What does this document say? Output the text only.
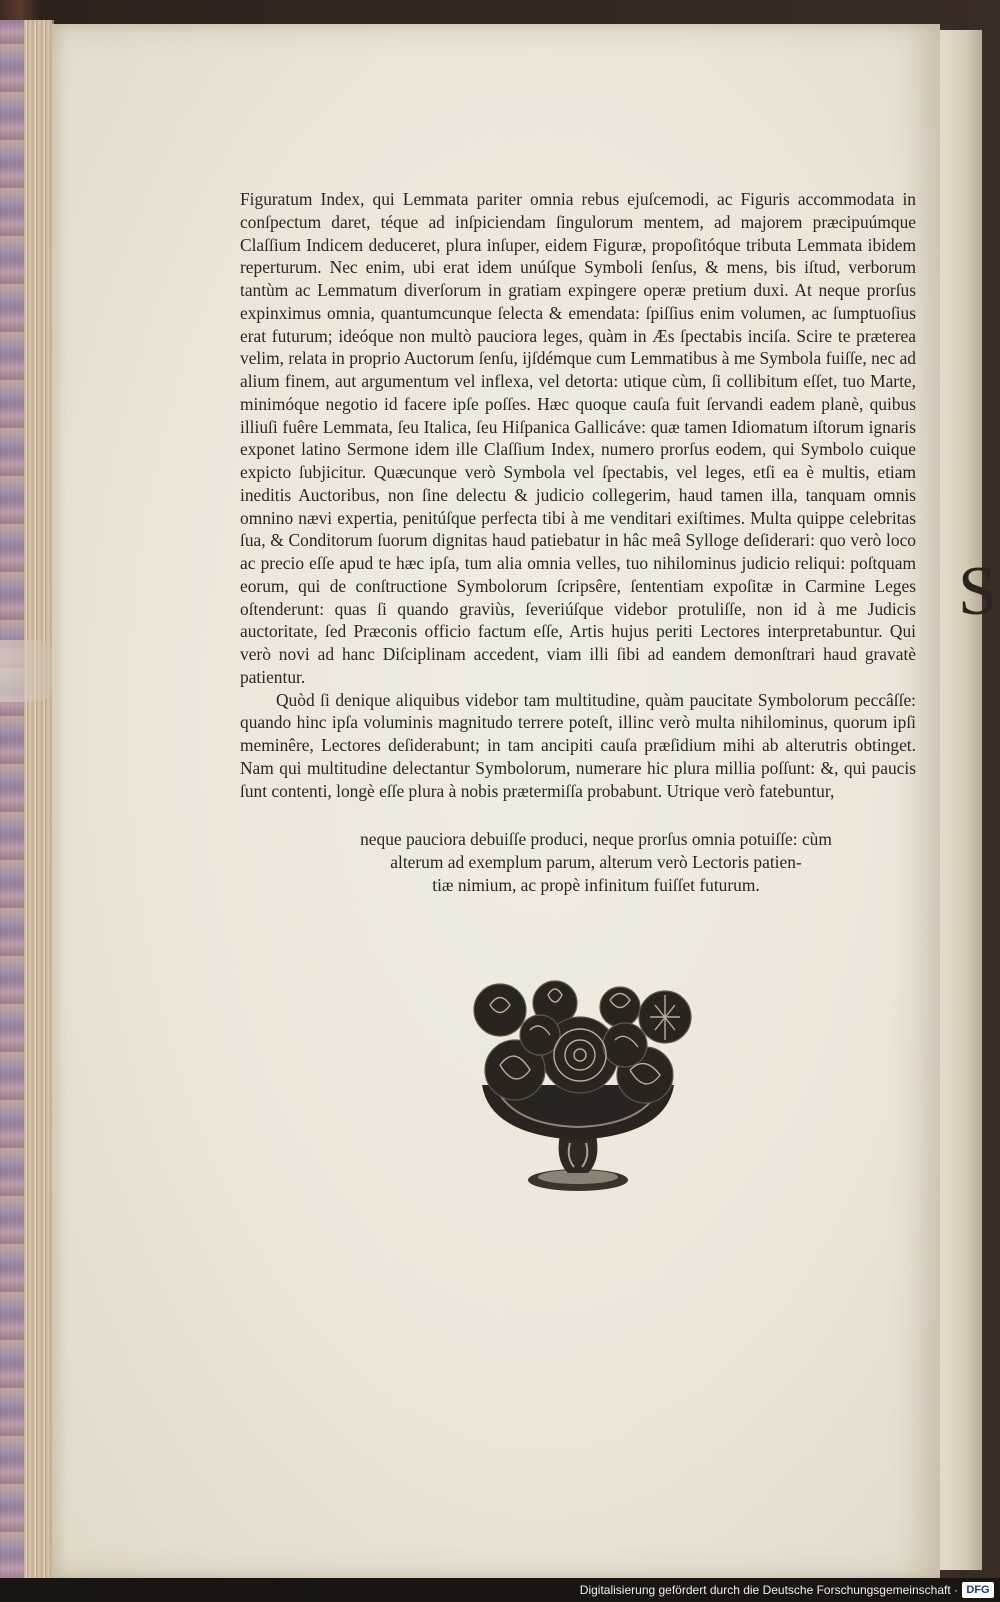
S

Figuratum Index, qui Lemmata pariter omnia rebus ejuſcemodi, ac Figuris accommodata in conſpectum daret, téque ad inſpiciendam ſingulorum mentem, ad majorem præcipuúmque Claſſium Indicem deduceret, plura inſuper, eidem Figuræ, propoſitóque tributa Lemmata ibidem reperturum. Nec enim, ubi erat idem unúſque Symboli ſenſus, & mens, bis iſtud, verborum tantùm ac Lemmatum diverſorum in gratiam expingere operæ pretium duxi. At neque prorſus expinximus omnia, quantumcunque ſelecta & emendata: ſpiſſius enim volumen, ac ſumptuoſius erat futurum; ideóque non multò pauciora leges, quàm in Æs ſpectabis inciſa. Scire te præterea velim, relata in proprio Auctorum ſenſu, ijſdémque cum Lemmatibus à me Symbola fuiſſe, nec ad alium finem, aut argumentum vel inflexa, vel detorta: utique cùm, ſi collibitum eſſet, tuo Marte, minimóque negotio id facere ipſe poſſes. Hæc quoque cauſa fuit ſervandi eadem planè, quibus illiuſi fuêre Lemmata, ſeu Italica, ſeu Hiſpanica Gallicáve: quæ tamen Idiomatum iſtorum ignaris exponet latino Sermone idem ille Claſſium Index, numero prorſus eodem, qui Symbolo cuique expicto ſubjicitur. Quæcunque verò Symbola vel ſpectabis, vel leges, etſi ea è multis, etiam ineditis Auctoribus, non ſine delectu & judicio collegerim, haud tamen illa, tanquam omnis omnino nævi expertia, penitúſque perfecta tibi à me venditari exiſtimes. Multa quippe celebritas ſua, & Conditorum ſuorum dignitas haud patiebatur in hâc meâ Sylloge deſiderari: quo verò loco ac precio eſſe apud te hæc ipſa, tum alia omnia velles, tuo nihilominus judicio reliqui: poſtquam eorum, qui de conſtructione Symbolorum ſcripsêre, ſententiam expoſitæ in Carmine Leges oſtenderunt: quas ſi quando graviùs, ſeveriúſque videbor protuliſſe, non id à me Judicis auctoritate, ſed Præconis officio factum eſſe, Artis hujus periti Lectores interpretabuntur. Qui verò novi ad hanc Diſciplinam accedent, viam illi ſibi ad eandem demonſtrari haud gravatè patientur.

Quòd ſi denique aliquibus videbor tam multitudine, quàm paucitate Symbolorum peccâſſe: quando hinc ipſa voluminis magnitudo terrere poteſt, illinc verò multa nihilominus, quorum ipſi meminêre, Lectores deſiderabunt; in tam ancipiti cauſa præſidium mihi ab alterutris obtinget. Nam qui multitudine delectantur Symbolorum, numerare hic plura millia poſſunt: &, qui paucis ſunt contenti, longè eſſe plura à nobis prætermiſſa probabunt. Utrique verò fatebuntur,

neque pauciora debuiſſe produci, neque prorſus omnia potuiſſe: cùm
alterum ad exemplum parum, alterum verò Lectoris patien-
tiæ nimium, ac propè infinitum fuiſſet futurum.
Digitalisierung gefördert durch die Deutsche Forschungsgemeinschaft · DFG
